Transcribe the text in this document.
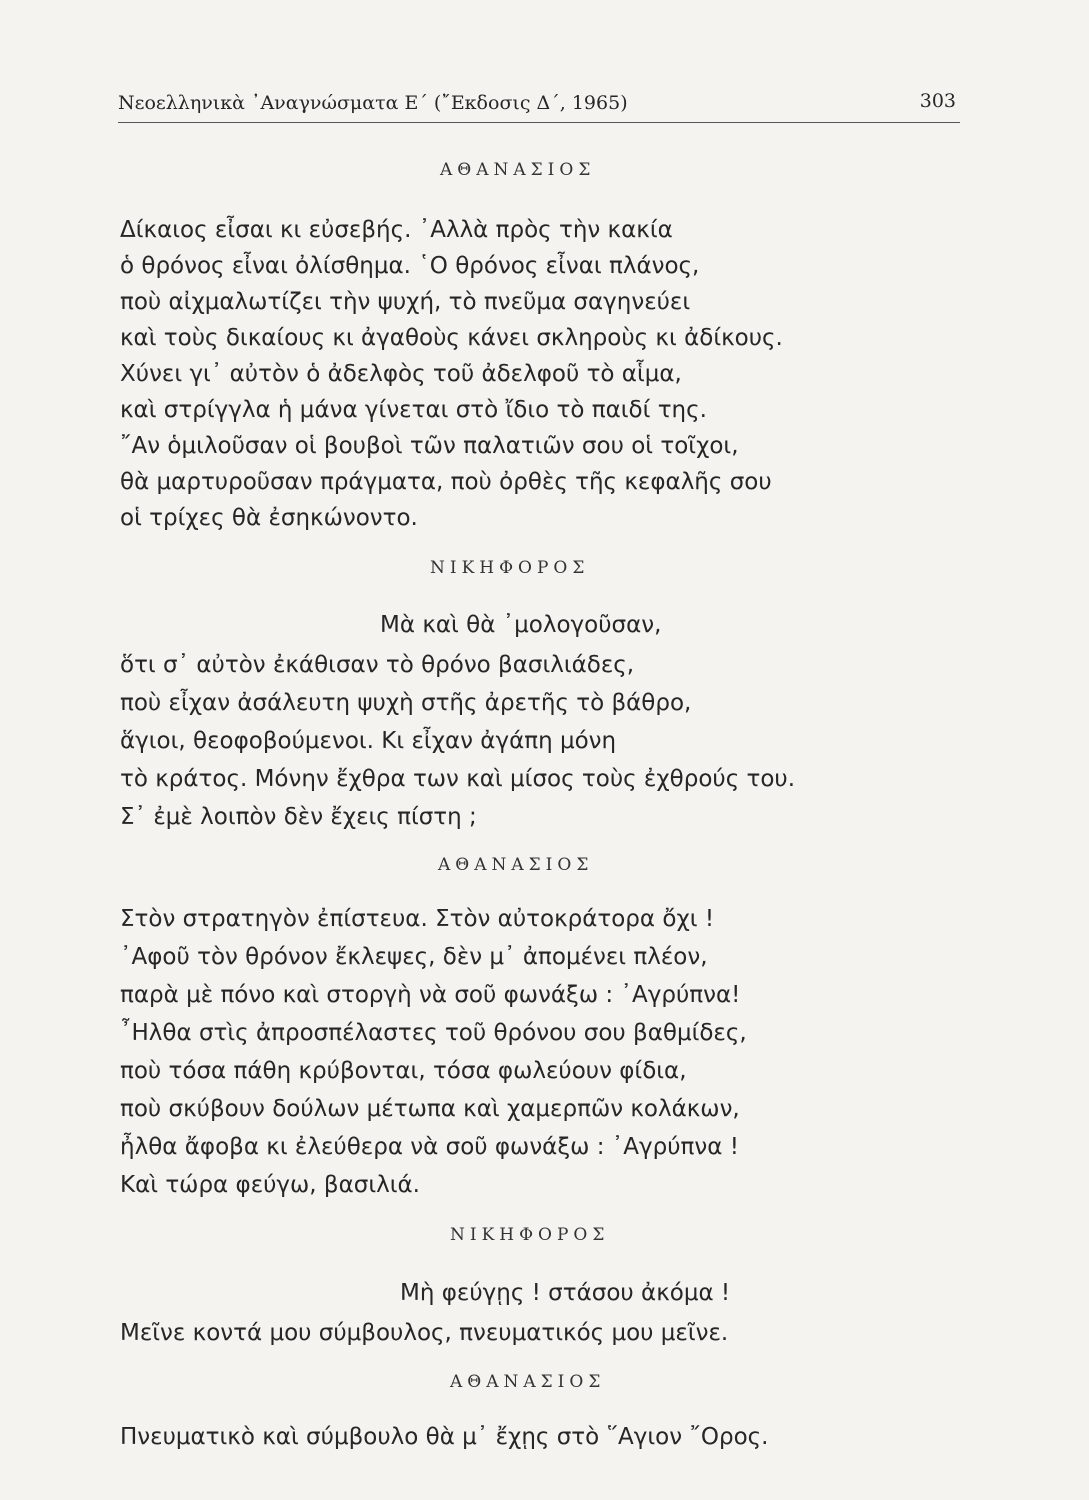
Νεοελληνικὰ ᾿Αναγνώσματα Ε΄ (῎Εκδοσις Δ΄, 1965)	303
ΑΘΑΝΑΣΙΟΣ
Δίκαιος εἶσαι κι εὐσεβής. ᾿Αλλὰ πρὸς τὴν κακία
ὁ θρόνος εἶναι ὀλίσθημα. ῾Ο θρόνος εἶναι πλάνος,
ποὺ αἰχμαλωτίζει τὴν ψυχή, τὸ πνεῦμα σαγηνεύει
καὶ τοὺς δικαίους κι ἀγαθοὺς κάνει σκληροὺς κι ἀδίκους.
Χύνει γι᾿ αὐτὸν ὁ ἀδελφὸς τοῦ ἀδελφοῦ τὸ αἷμα,
καὶ στρίγγλα ἡ μάνα γίνεται στὸ ἴδιο τὸ παιδί της.
῎Αν ὁμιλοῦσαν οἱ βουβοὶ τῶν παλατιῶν σου οἱ τοῖχοι,
θὰ μαρτυροῦσαν πράγματα, ποὺ ὀρθὲς τῆς κεφαλῆς σου
οἱ τρίχες θὰ ἐσηκώνοντο.
ΝΙΚΗΦΟΡΟΣ
Μὰ καὶ θὰ ᾿μολογοῦσαν,
ὅτι σ᾿ αὐτὸν ἐκάθισαν τὸ θρόνο βασιλιάδες,
ποὺ εἶχαν ἀσάλευτη ψυχὴ στῆς ἀρετῆς τὸ βάθρο,
ἅγιοι, θεοφοβούμενοι. Κι εἶχαν ἀγάπη μόνη
τὸ κράτος. Μόνην ἔχθρα των καὶ μίσος τοὺς ἐχθρούς του.
Σ᾿ ἐμὲ λοιπὸν δὲν ἔχεις πίστη ;
ΑΘΑΝΑΣΙΟΣ
Στὸν στρατηγὸν ἐπίστευα. Στὸν αὐτοκράτορα ὄχι !
᾿Αφοῦ τὸν θρόνον ἔκλεψες, δὲν μ᾿ ἀπομένει πλέον,
παρὰ μὲ πόνο καὶ στοργὴ νὰ σοῦ φωνάξω : ᾿Αγρύπνα!
῏Ηλθα στὶς ἀπροσπέλαστες τοῦ θρόνου σου βαθμίδες,
ποὺ τόσα πάθη κρύβονται, τόσα φωλεύουν φίδια,
ποὺ σκύβουν δούλων μέτωπα καὶ χαμερπῶν κολάκων,
ἦλθα ἄφοβα κι ἐλεύθερα νὰ σοῦ φωνάξω : ᾿Αγρύπνα !
Καὶ τώρα φεύγω, βασιλιά.
ΝΙΚΗΦΟΡΟΣ
Μὴ φεύγῃς ! στάσου ἀκόμα !
Μεῖνε κοντά μου σύμβουλος, πνευματικός μου μεῖνε.
ΑΘΑΝΑΣΙΟΣ
Πνευματικὸ καὶ σύμβουλο θὰ μ᾿ ἔχῃς στὸ ῞Αγιον ῎Ορος.
